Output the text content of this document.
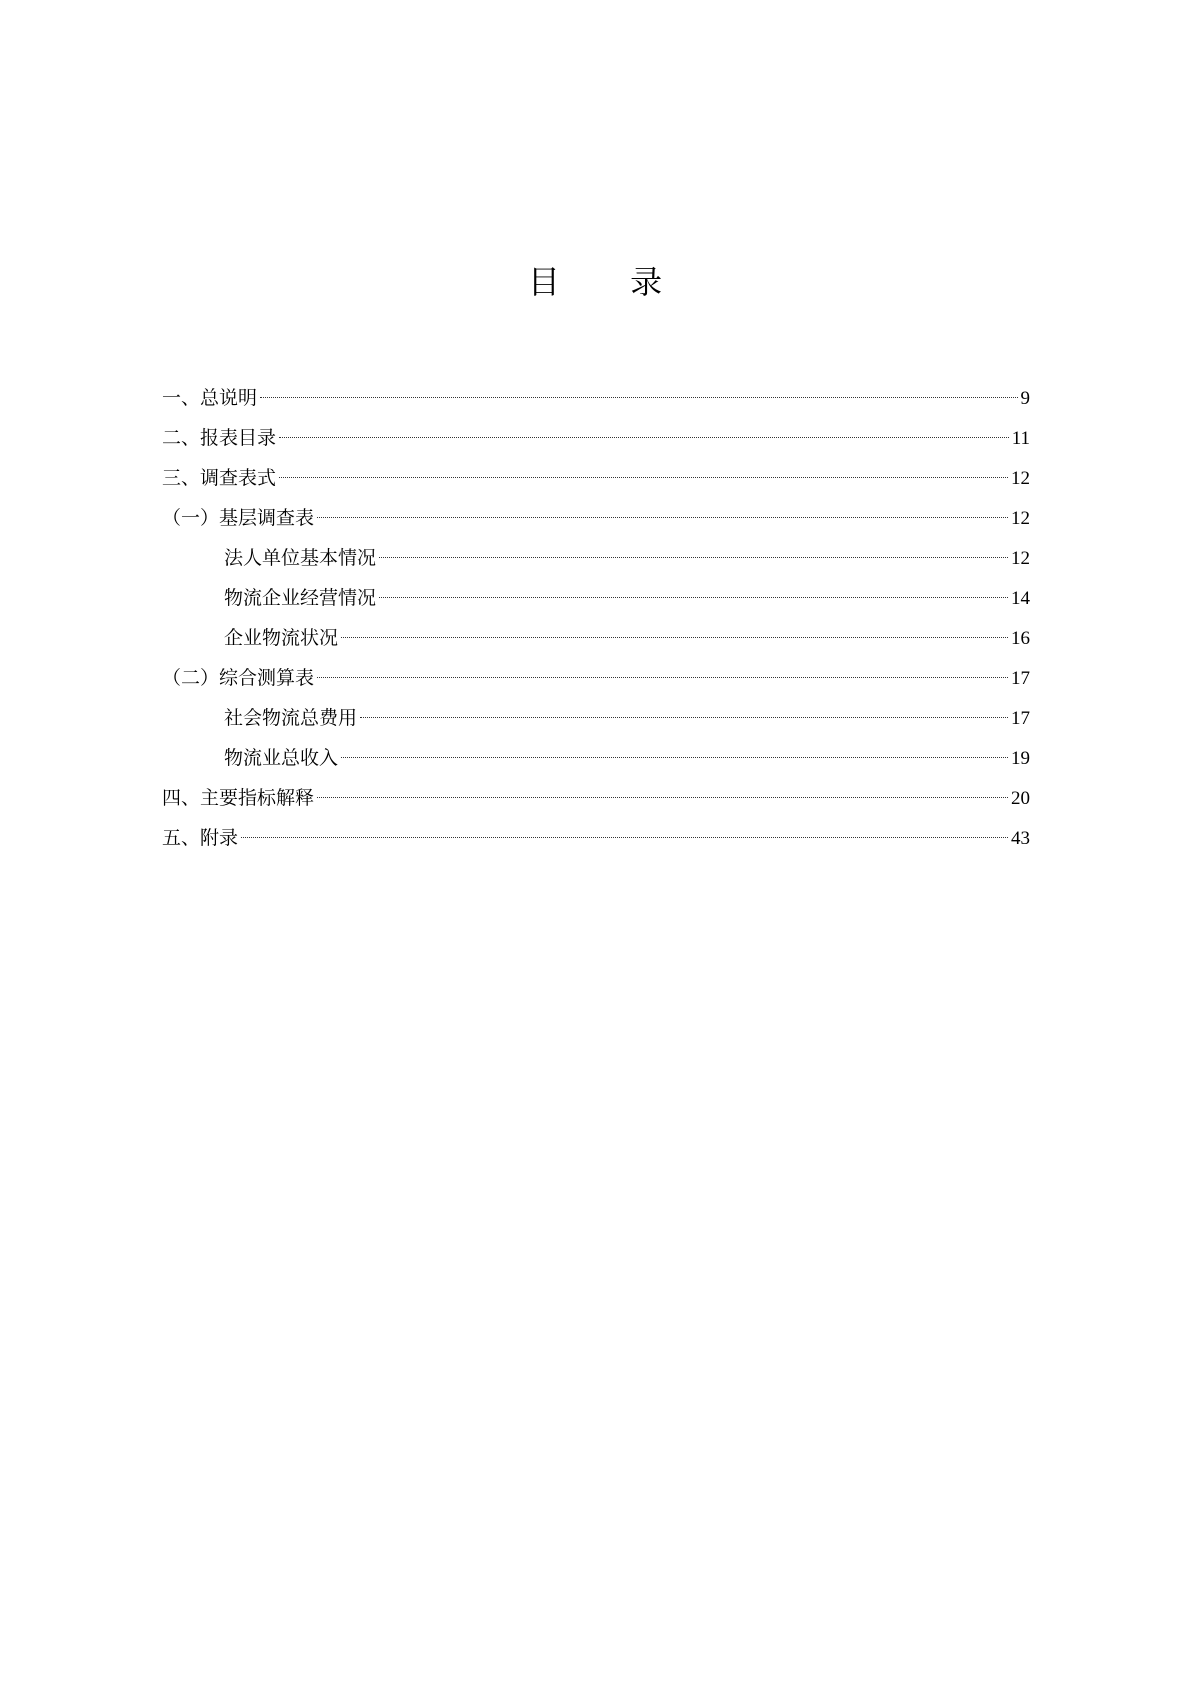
目 录
一、总说明	9
二、报表目录	11
三、调查表式	12
（一）基层调查表	12
法人单位基本情况	12
物流企业经营情况	14
企业物流状况	16
（二）综合测算表	17
社会物流总费用	17
物流业总收入	19
四、主要指标解释	20
五、附录	43
